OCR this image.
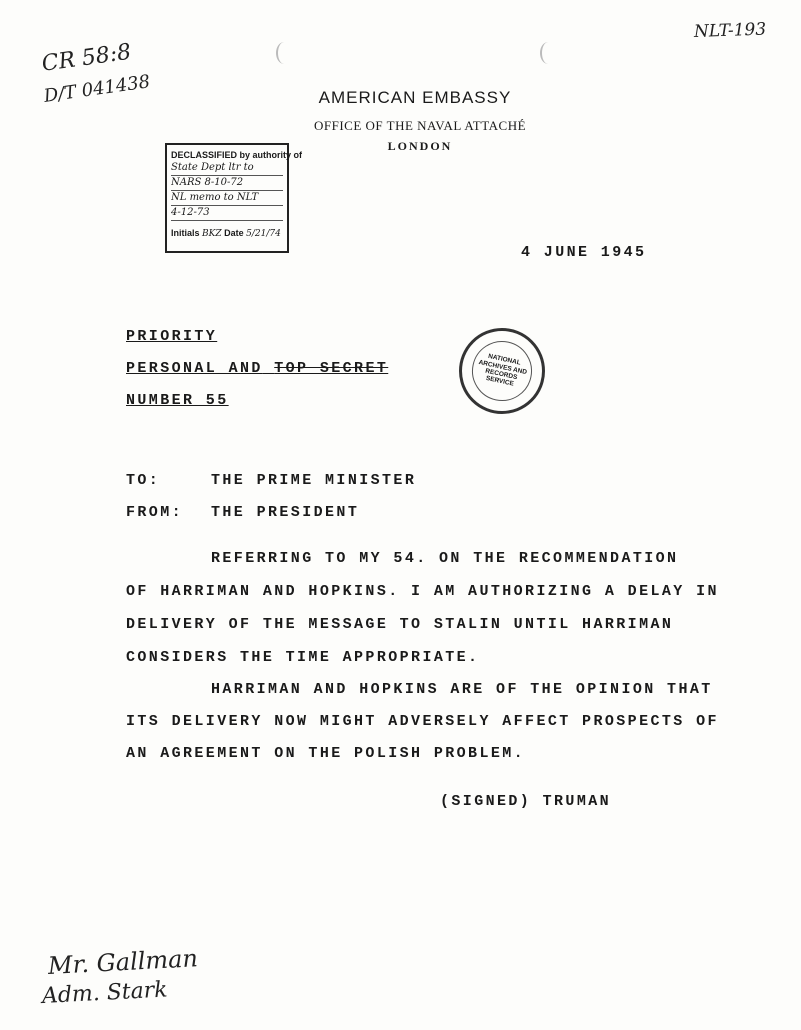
CR 58:8
D/T 041438
NLT-193
AMERICAN EMBASSY
OFFICE OF THE NAVAL ATTACHÉ
LONDON
DECLASSIFIED by authority of
State Dept ltr to
NARS 8-10-72
NL memo to NLT
4-12-73
Initials BKZ Date 5/21/74
4 JUNE 1945
PRIORITY
PERSONAL AND TOP SECRET
NUMBER 55
NATIONAL ARCHIVES AND RECORDS SERVICE
TO:	THE PRIME MINISTER
FROM: THE PRESIDENT
REFERRING TO MY 54. ON THE RECOMMENDATION
OF HARRIMAN AND HOPKINS. I AM AUTHORIZING A DELAY IN
DELIVERY OF THE MESSAGE TO STALIN UNTIL HARRIMAN
CONSIDERS THE TIME APPROPRIATE.
HARRIMAN AND HOPKINS ARE OF THE OPINION THAT
ITS DELIVERY NOW MIGHT ADVERSELY AFFECT PROSPECTS OF
AN AGREEMENT ON THE POLISH PROBLEM.
(SIGNED) TRUMAN
Mr. Gallman
Adm. Stark
